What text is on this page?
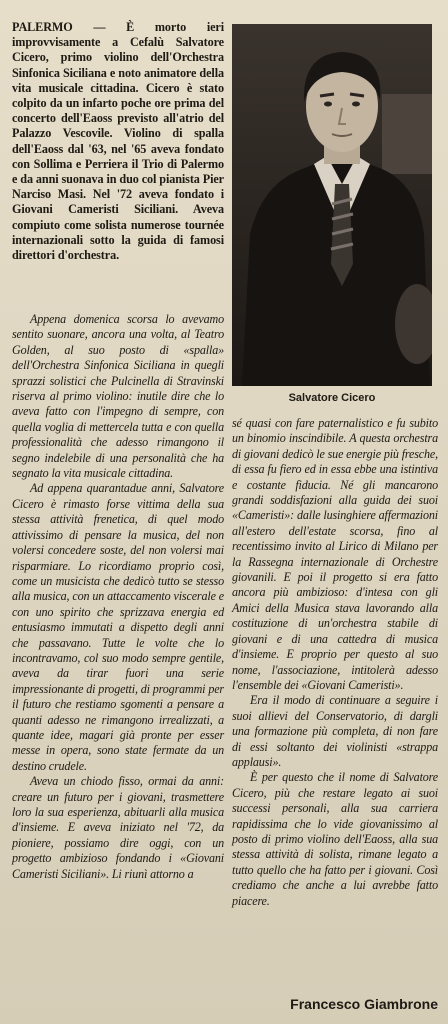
PALERMO — È morto ieri improvvisamente a Cefalù Salvatore Cicero, primo violino dell'Orchestra Sinfonica Siciliana e noto animatore della vita musicale cittadina. Cicero è stato colpito da un infarto poche ore prima del concerto dell'Eaoss previsto all'atrio del Palazzo Vescovile. Violino di spalla dell'Eaoss dal '63, nel '65 aveva fondato con Sollima e Perriera il Trio di Palermo e da anni suonava in duo col pianista Pier Narciso Masi. Nel '72 aveva fondato i Giovani Cameristi Siciliani. Aveva compiuto come solista numerose tournée internazionali sotto la guida di famosi direttori d'orchestra.
Salvatore Cicero

Appena domenica scorsa lo avevamo sentito suonare, ancora una volta, al Teatro Golden, al suo posto di «spalla» dell'Orchestra Sinfonica Siciliana in quegli sprazzi solistici che Pulcinella di Stravinski riserva al primo violino: inutile dire che lo aveva fatto con l'impegno di sempre, con quella voglia di mettercela tutta e con quella professionalità che adesso rimangono il segno indelebile di una personalità che ha segnato la vita musicale cittadina.

Ad appena quarantadue anni, Salvatore Cicero è rimasto forse vittima della sua stessa attività frenetica, di quel modo attivissimo di pensare la musica, del non volersi concedere soste, del non volersi mai risparmiare. Lo ricordiamo proprio così, come un musicista che dedicò tutto se stesso alla musica, con un attaccamento viscerale e con uno spirito che sprizzava energia ed entusiasmo immutati a dispetto degli anni che passavano. Tutte le volte che lo incontravamo, col suo modo sempre gentile, aveva da tirar fuori una serie impressionante di progetti, di programmi per il futuro che restiamo sgomenti a pensare a quanti adesso ne rimangono irrealizzati, a quante idee, magari già pronte per esser messe in opera, sono state fermate da un destino crudele.

Aveva un chiodo fisso, ormai da anni: creare un futuro per i giovani, trasmettere loro la sua esperienza, abituarli alla musica d'insieme. E aveva iniziato nel '72, da pioniere, possiamo dire oggi, con un progetto ambizioso fondando i «Giovani Cameristi Siciliani». Li riunì attorno a

sé quasi con fare paternalistico e fu subito un binomio inscindibile. A questa orchestra di giovani dedicò le sue energie più fresche, di essa fu fiero ed in essa ebbe una istintiva e costante fiducia. Né gli mancarono grandi soddisfazioni alla guida dei suoi «Cameristi»: dalle lusinghiere affermazioni all'estero dell'estate scorsa, fino al recentissimo invito al Lirico di Milano per la Rassegna internazionale di Orchestre giovanili. E poi il progetto si era fatto ancora più ambizioso: d'intesa con gli Amici della Musica stava lavorando alla costituzione di un'orchestra stabile di giovani e di una cattedra di musica d'insieme. E proprio per questo al suo nome, l'associazione, intitolerà adesso l'ensemble dei «Giovani Cameristi».

Era il modo di continuare a seguire i suoi allievi del Conservatorio, di dargli una formazione più completa, di non fare di essi soltanto dei violinisti «strappa applausi».

È per questo che il nome di Salvatore Cicero, più che restare legato ai suoi successi personali, alla sua carriera rapidissima che lo vide giovanissimo al posto di primo violino dell'Eaoss, alla sua stessa attività di solista, rimane legato a tutto quello che ha fatto per i giovani. Così crediamo che anche a lui avrebbe fatto piacere.

Francesco Giambrone
